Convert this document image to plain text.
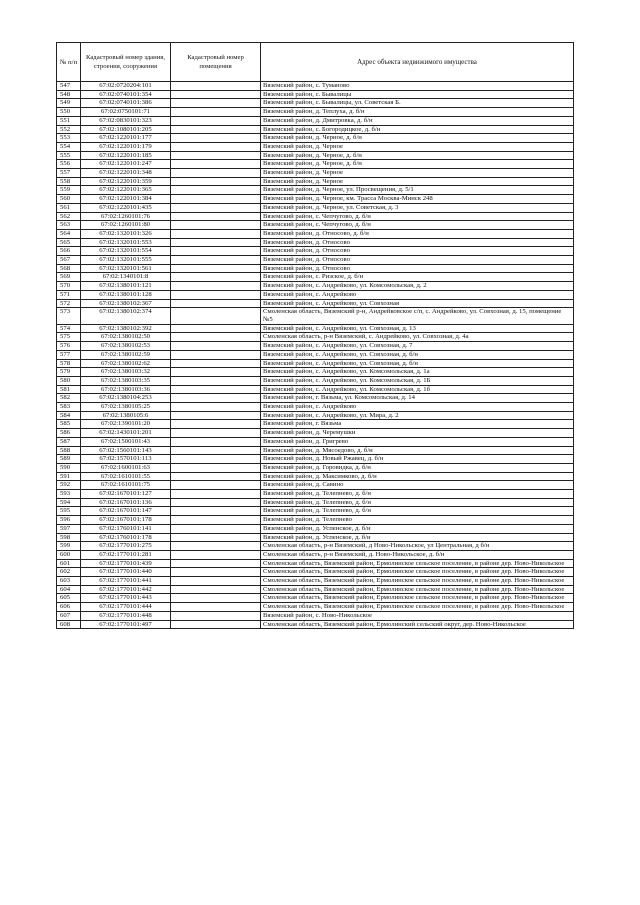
№ п/п	Кадастровый номер здания, строения, сооружения	Кадастровый номер помещения	Адрес объекта недвижимого имущества
547	67:02:0720204:101		Вяземский район, с. Туманово
548	67:02:0740101:354		Вяземский район, с. Бывалицы
549	67:02:0740101:386		Вяземский район, с. Бывалицы, ул. Советская Б.
550	67:02:0750101:71		Вяземский район, д. Теплуха, д. б/н
551	67:02:0830101:323		Вяземский район, д. Дмитровка, д. б/н
552	67:02:1080101:205		Вяземский район, с. Богородицкое, д. б/н
553	67:02:1220101:177		Вяземский район, д. Черное, д. б/н
554	67:02:1220101:179		Вяземский район, д. Черное
555	67:02:1220101:185		Вяземский район, д. Черное, д. б/н
556	67:02:1220101:247		Вяземский район, д. Черное, д. б/н
557	67:02:1220101:348		Вяземский район, д. Черное
558	67:02:1220101:359		Вяземский район, д. Черное
559	67:02:1220101:365		Вяземский район, д. Черное, ул. Просвещения, д. 5/1
560	67:02:1220101:384		Вяземский район, д. Черное, км. Трасса Москва-Минск 248
561	67:02:1220101:435		Вяземский район, д. Черное, ул. Советская, д. 3
562	67:02:1260101:76		Вяземский район, с. Чепчугово, д. б/н
563	67:02:1260101:80		Вяземский район, с. Чепчугово, д. б/н
564	67:02:1320101:326		Вяземский район, д. Относово, д. б/н
565	67:02:1320101:553		Вяземский район, д. Относово
566	67:02:1320101:554		Вяземский район, д. Относово
567	67:02:1320101:555		Вяземский район, д. Относово
568	67:02:1320101:561		Вяземский район, д. Относово
569	67:02:1340101:8		Вяземский район, с. Ризское, д. б/н
570	67:02:1380101:121		Вяземский район, с. Андрейково, ул. Комсомольская, д. 2
571	67:02:1380101:128		Вяземский район, с. Андрейково
572	67:02:1380102:367		Вяземский район, с. Андрейково, ул. Совхозная
573	67:02:1380102:374		Смоленская область, Вяземский р-н, Андрейковское с/п, с. Андрейково, ул. Совхозная, д. 15, помещение №5
574	67:02:1380102:392		Вяземский район, с. Андрейково, ул. Совхозная, д. 13
575	67:02:1380102:50		Смоленская область, р-н Вяземский, с. Андрейково, ул. Совхозная, д. 4а
576	67:02:1380102:53		Вяземский район, с. Андрейково, ул. Совхозная, д. 7
577	67:02:1380102:59		Вяземский район, с. Андрейково, ул. Совхозная, д. б/н
578	67:02:1380102:62		Вяземский район, с. Андрейково, ул. Совхозная, д. б/н
579	67:02:1380103:32		Вяземский район, с. Андрейково, ул. Комсомольская, д. 1а
580	67:02:1380103:35		Вяземский район, с. Андрейково, ул. Комсомольская, д. 1Б
581	67:02:1380103:36		Вяземский район, с. Андрейково, ул. Комсомольская, д. 1б
582	67:02:1380104:253		Вяземский район, г. Вязьма, ул. Комсомольская, д. 14
583	67:02:1380105:25		Вяземский район, с. Андрейково
584	67:02:1380105:6		Вяземский район, с. Андрейково, ул. Мира, д. 2
585	67:02:1390101:20		Вяземский район, г. Вязьма
586	67:02:1430101:201		Вяземский район, д. Черемушки
587	67:02:1500101:43		Вяземский район, д. Григрево
588	67:02:1560101:143		Вяземский район, д. Мясоедово, д. б/н
589	67:02:1570101:113		Вяземский район, д. Новый Ржавец, д. б/н
590	67:02:1600101:63		Вяземский район, д. Горовидка, д. б/н
591	67:02:1610101:55		Вяземский район, д. Максимково, д. б/н
592	67:02:1610101:75		Вяземский район, д. Савино
593	67:02:1670101:127		Вяземский район, д. Телепнево, д. б/н
594	67:02:1670101:136		Вяземский район, д. Телепнево, д. б/н
595	67:02:1670101:147		Вяземский район, д. Телепнево, д. б/н
596	67:02:1670101:178		Вяземский район, д. Телепнево
597	67:02:1760101:141		Вяземский район, д. Успенское, д. б/н
598	67:02:1760101:178		Вяземский район, д. Успенское, д. б/н
599	67:02:1770101:275		Смоленская область, р-н Вяземский, д Ново-Никольское, ул Центральная, д б/н
600	67:02:1770101:281		Смоленская область, р-н Вяземский, д. Ново-Никольское, д. б/н
601	67:02:1770101:439		Смоленская область, Вяземский район, Ермолинское сельское поселение, в районе дер. Ново-Никольское
602	67:02:1770101:440		Смоленская область, Вяземский район, Ермолинское сельское поселение, в районе дер. Ново-Никольское
603	67:02:1770101:441		Смоленская область, Вяземский район, Ермолинское сельское поселение, в районе дер. Ново-Никольское
604	67:02:1770101:442		Смоленская область, Вяземский район, Ермолинское сельское поселение, в районе дер. Ново-Никольское
605	67:02:1770101:443		Смоленская область, Вяземский район, Ермолинское сельское поселение, в районе дер. Ново-Никольское
606	67:02:1770101:444		Смоленская область, Вяземский район, Ермолинское сельское поселение, в районе дер. Ново-Никольское
607	67:02:1770101:448		Вяземский район, с. Ново-Никольское
608	67:02:1770101:497		Смоленская область, Вяземский район, Ермолинский сельский округ, дер. Ново-Никольское
